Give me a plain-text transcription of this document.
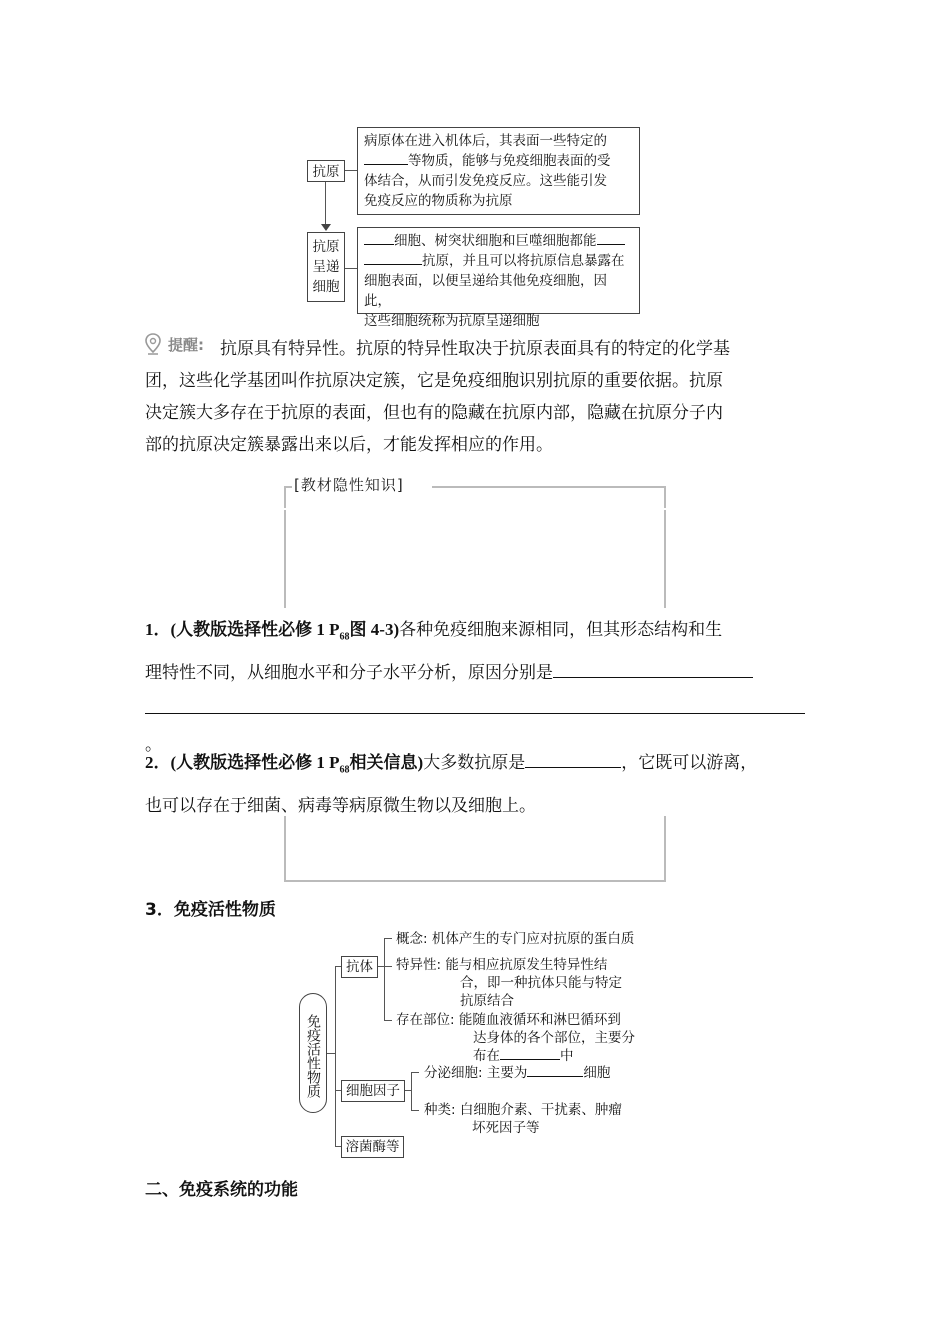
抗原
病原体在进入机体后，其表面一些特定的
等物质，能够与免疫细胞表面的受
体结合，从而引发免疫反应。这些能引发
免疫反应的物质称为抗原
抗原
呈递
细胞
细胞、树突状细胞和巨噬细胞都能
抗原，并且可以将抗原信息暴露在
细胞表面，以便呈递给其他免疫细胞，因此，
这些细胞统称为抗原呈递细胞
提醒: 抗原具有特异性。抗原的特异性取决于抗原表面具有的特定的化学基
团，这些化学基团叫作抗原决定簇，它是免疫细胞识别抗原的重要依据。抗原
决定簇大多存在于抗原的表面，但也有的隐藏在抗原内部，隐藏在抗原分子内
部的抗原决定簇暴露出来以后，才能发挥相应的作用。
[教材隐性知识]
1．(人教版选择性必修 1 $P_{68}$图 4-3)各种免疫细胞来源相同，但其形态结构和生
理特性不同，从细胞水平和分子水平分析，原因分别是
。
2．(人教版选择性必修 1 $P_{68}$相关信息)大多数抗原是	，它既可以游离，
也可以存在于细菌、病毒等病原微生物以及细胞上。
3．免疫活性物质
免疫活性物质
抗体
概念: 机体产生的专门应对抗原的蛋白质
特异性: 能与相应抗原发生特异性结
合，即一种抗体只能与特定
抗原结合
存在部位: 能随血液循环和淋巴循环到
达身体的各个部位，主要分
布在	中
细胞因子
分泌细胞: 主要为	细胞
种类: 白细胞介素、干扰素、肿瘤
坏死因子等
溶菌酶等
二、免疫系统的功能
